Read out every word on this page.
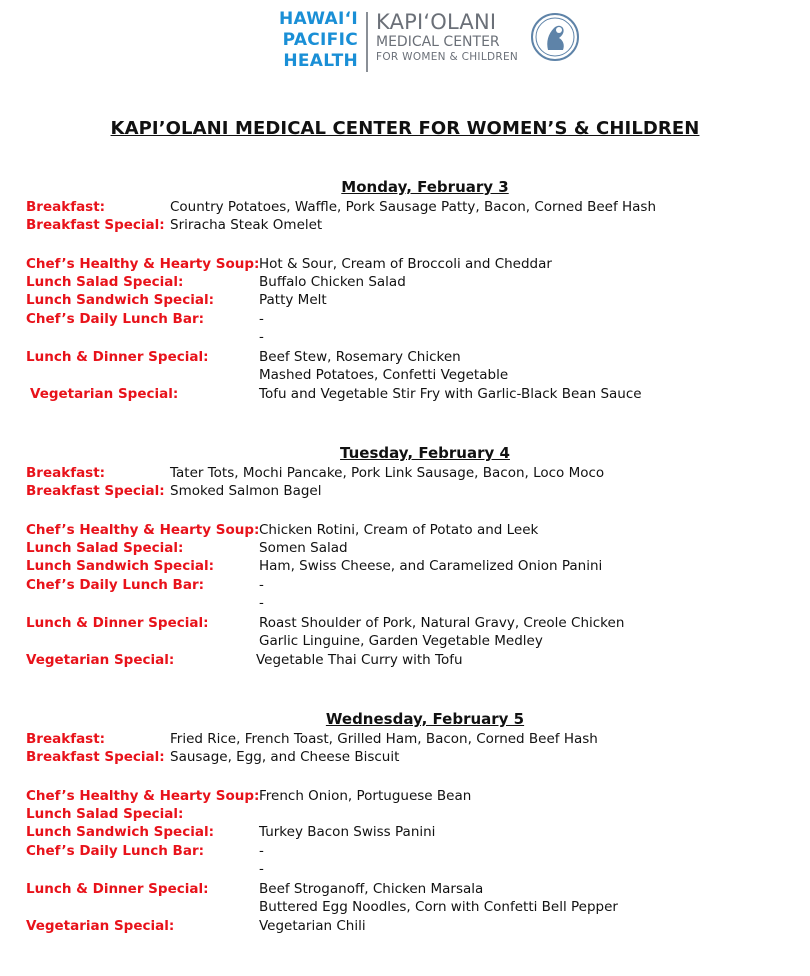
HAWAI‘I
PACIFIC
HEALTH
KAPI‘OLANI
MEDICAL CENTER
FOR WOMEN & CHILDREN
KAPI’OLANI MEDICAL CENTER FOR WOMEN’S & CHILDREN
Monday, February 3
Breakfast:	Country Potatoes, Waffle, Pork Sausage Patty, Bacon, Corned Beef Hash
Breakfast Special: Sriracha Steak Omelet
Chef’s Healthy & Hearty Soup: Hot & Sour, Cream of Broccoli and Cheddar
Lunch Salad Special:	Buffalo Chicken Salad
Lunch Sandwich Special:	Patty Melt
Chef’s Daily Lunch Bar:	-
-
Lunch & Dinner Special:	Beef Stew, Rosemary Chicken
Mashed Potatoes, Confetti Vegetable
Vegetarian Special:	Tofu and Vegetable Stir Fry with Garlic-Black Bean Sauce
Tuesday, February 4
Breakfast:	Tater Tots, Mochi Pancake, Pork Link Sausage, Bacon, Loco Moco
Breakfast Special: Smoked Salmon Bagel
Chef’s Healthy & Hearty Soup: Chicken Rotini, Cream of Potato and Leek
Lunch Salad Special:	Somen Salad
Lunch Sandwich Special:	Ham, Swiss Cheese, and Caramelized Onion Panini
Chef’s Daily Lunch Bar:	-
-
Lunch & Dinner Special:	Roast Shoulder of Pork, Natural Gravy, Creole Chicken
Garlic Linguine, Garden Vegetable Medley
Vegetarian Special:	Vegetable Thai Curry with Tofu
Wednesday, February 5
Breakfast:	Fried Rice, French Toast, Grilled Ham, Bacon, Corned Beef Hash
Breakfast Special: Sausage, Egg, and Cheese Biscuit
Chef’s Healthy & Hearty Soup: French Onion, Portuguese Bean
Lunch Salad Special:
Lunch Sandwich Special:	Turkey Bacon Swiss Panini
Chef’s Daily Lunch Bar:	-
-
Lunch & Dinner Special:	Beef Stroganoff, Chicken Marsala
Buttered Egg Noodles, Corn with Confetti Bell Pepper
Vegetarian Special:	Vegetarian Chili
